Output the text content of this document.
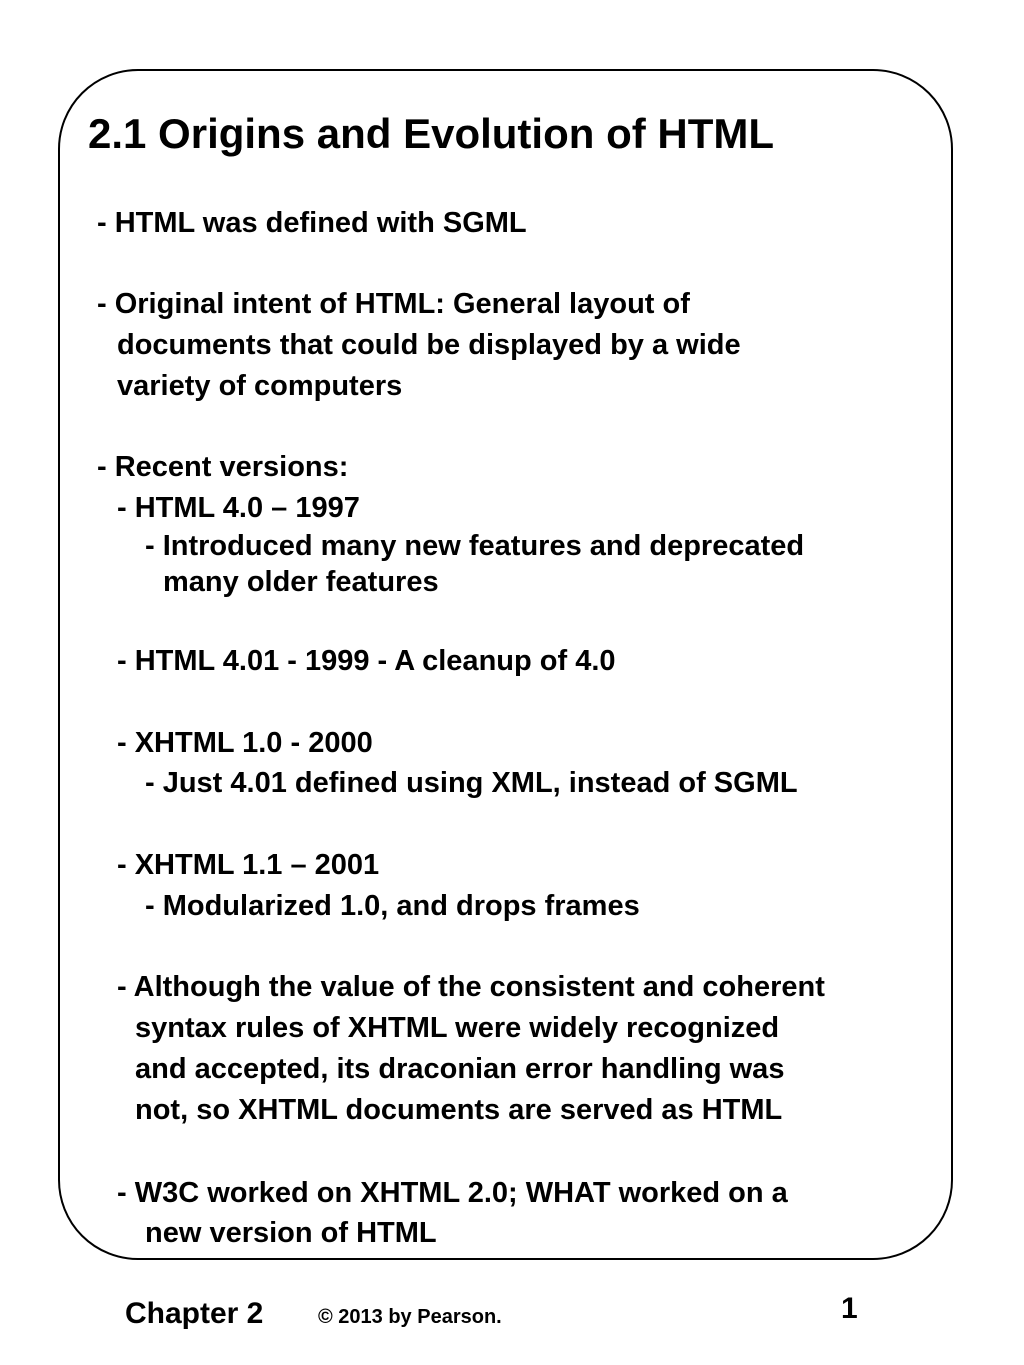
2.1 Origins and Evolution of HTML

- HTML was defined with SGML

- Original intent of HTML: General layout of

documents that could be displayed by a wide

variety of computers

- Recent versions:

- HTML 4.0 – 1997

- Introduced many new features and deprecated

many older features

- HTML 4.01 - 1999 - A cleanup of 4.0

- XHTML 1.0 - 2000

- Just 4.01 defined using XML, instead of SGML

- XHTML 1.1 – 2001

- Modularized 1.0, and drops frames

- Although the value of the consistent and coherent

syntax rules of XHTML were widely recognized

and accepted, its draconian error handling was

not, so XHTML documents are served as HTML

- W3C worked on XHTML 2.0; WHAT worked on a

new version of HTML

Chapter 2	© 2013 by Pearson.	1
